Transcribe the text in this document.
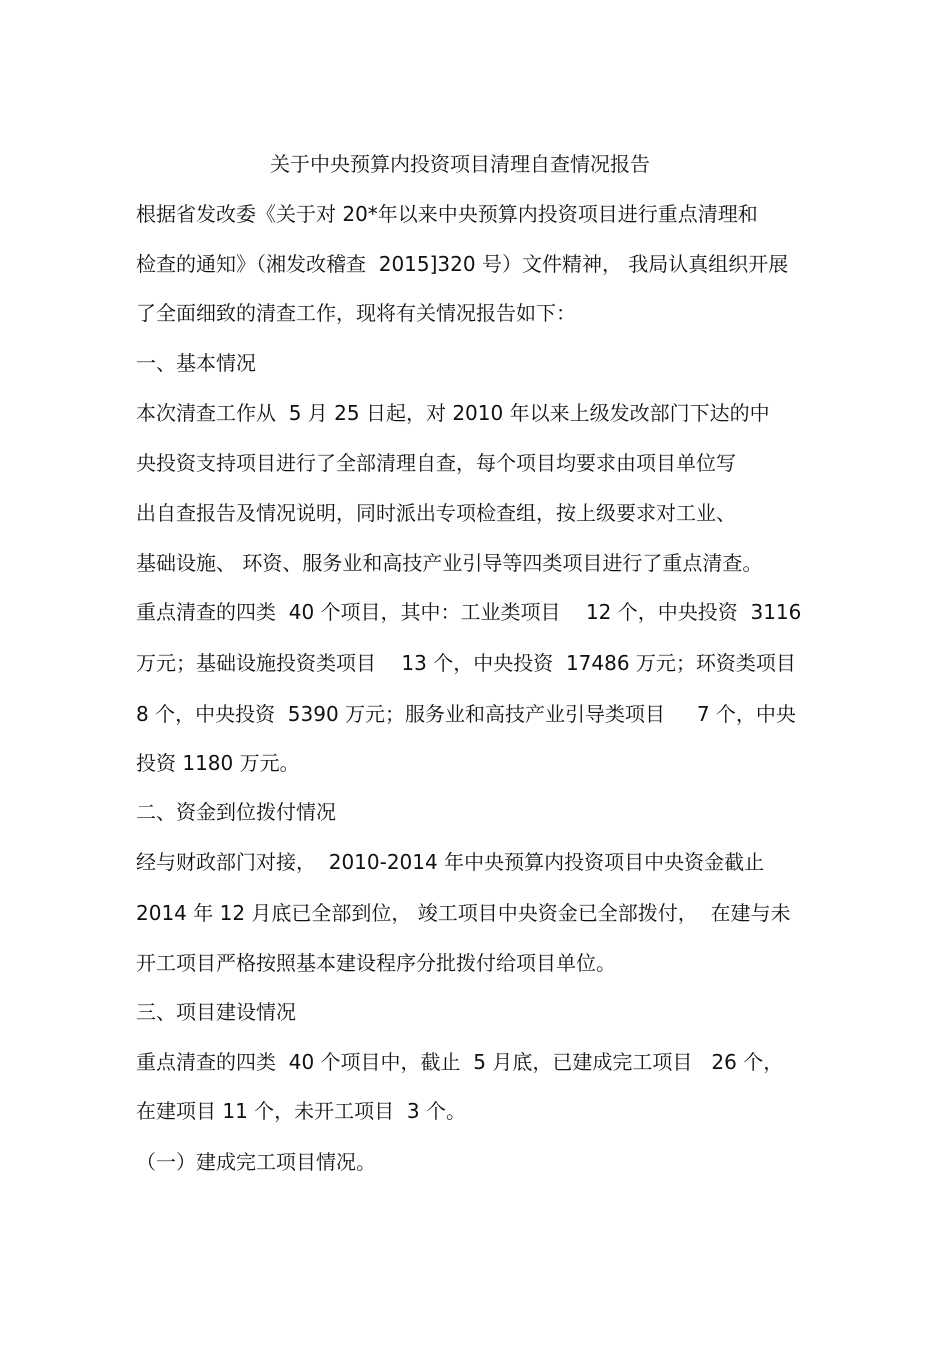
关于中央预算内投资项目清理自查情况报告
根据省发改委《关于对 20*年以来中央预算内投资项目进行重点清理和
检查的通知》（湘发改稽查  2015]320 号）文件精神， 我局认真组织开展
了全面细致的清查工作，现将有关情况报告如下：
一、基本情况
本次清查工作从  5 月 25 日起，对 2010 年以来上级发改部门下达的中
央投资支持项目进行了全部清理自查，每个项目均要求由项目单位写
出自查报告及情况说明，同时派出专项检查组，按上级要求对工业、
基础设施、 环资、服务业和高技产业引导等四类项目进行了重点清查。
重点清查的四类  40 个项目，其中：工业类项目    12 个，中央投资  3116
万元；基础设施投资类项目    13 个，中央投资  17486 万元；环资类项目
8 个，中央投资  5390 万元；服务业和高技产业引导类项目     7 个，中央
投资 1180 万元。
二、资金到位拨付情况
经与财政部门对接，  2010-2014 年中央预算内投资项目中央资金截止
2014 年 12 月底已全部到位， 竣工项目中央资金已全部拨付，  在建与未
开工项目严格按照基本建设程序分批拨付给项目单位。
三、项目建设情况
重点清查的四类  40 个项目中，截止  5 月底，已建成完工项目   26 个，
在建项目 11 个，未开工项目  3 个。
（一）建成完工项目情况。
